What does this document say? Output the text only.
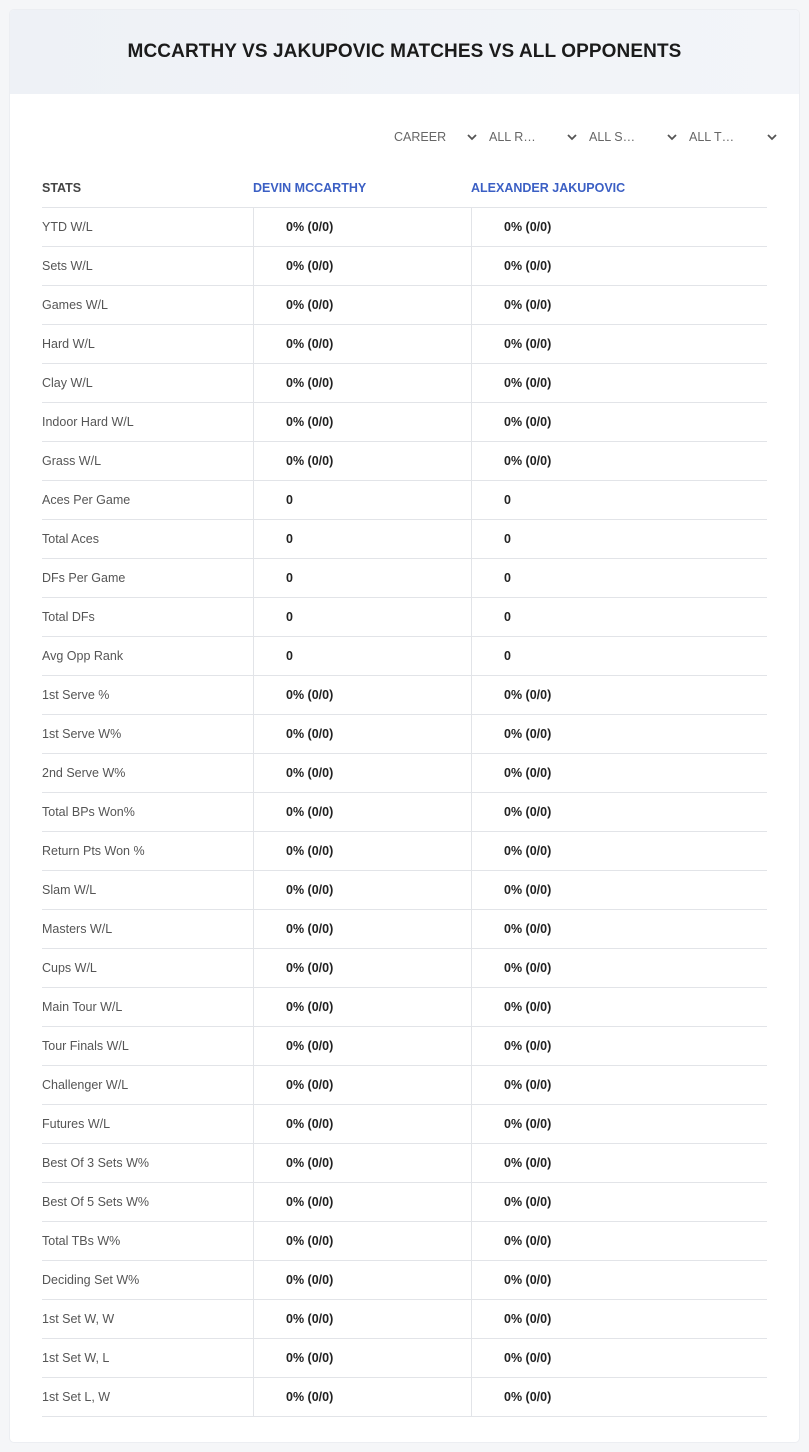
MCCARTHY VS JAKUPOVIC MATCHES VS ALL OPPONENTS
CAREER	ALL R…	ALL S…	ALL T…
STATS	DEVIN MCCARTHY	ALEXANDER JAKUPOVIC
YTD W/L	0% (0/0)	0% (0/0)
Sets W/L	0% (0/0)	0% (0/0)
Games W/L	0% (0/0)	0% (0/0)
Hard W/L	0% (0/0)	0% (0/0)
Clay W/L	0% (0/0)	0% (0/0)
Indoor Hard W/L	0% (0/0)	0% (0/0)
Grass W/L	0% (0/0)	0% (0/0)
Aces Per Game	0	0
Total Aces	0	0
DFs Per Game	0	0
Total DFs	0	0
Avg Opp Rank	0	0
1st Serve %	0% (0/0)	0% (0/0)
1st Serve W%	0% (0/0)	0% (0/0)
2nd Serve W%	0% (0/0)	0% (0/0)
Total BPs Won%	0% (0/0)	0% (0/0)
Return Pts Won %	0% (0/0)	0% (0/0)
Slam W/L	0% (0/0)	0% (0/0)
Masters W/L	0% (0/0)	0% (0/0)
Cups W/L	0% (0/0)	0% (0/0)
Main Tour W/L	0% (0/0)	0% (0/0)
Tour Finals W/L	0% (0/0)	0% (0/0)
Challenger W/L	0% (0/0)	0% (0/0)
Futures W/L	0% (0/0)	0% (0/0)
Best Of 3 Sets W%	0% (0/0)	0% (0/0)
Best Of 5 Sets W%	0% (0/0)	0% (0/0)
Total TBs W%	0% (0/0)	0% (0/0)
Deciding Set W%	0% (0/0)	0% (0/0)
1st Set W, W	0% (0/0)	0% (0/0)
1st Set W, L	0% (0/0)	0% (0/0)
1st Set L, W	0% (0/0)	0% (0/0)
